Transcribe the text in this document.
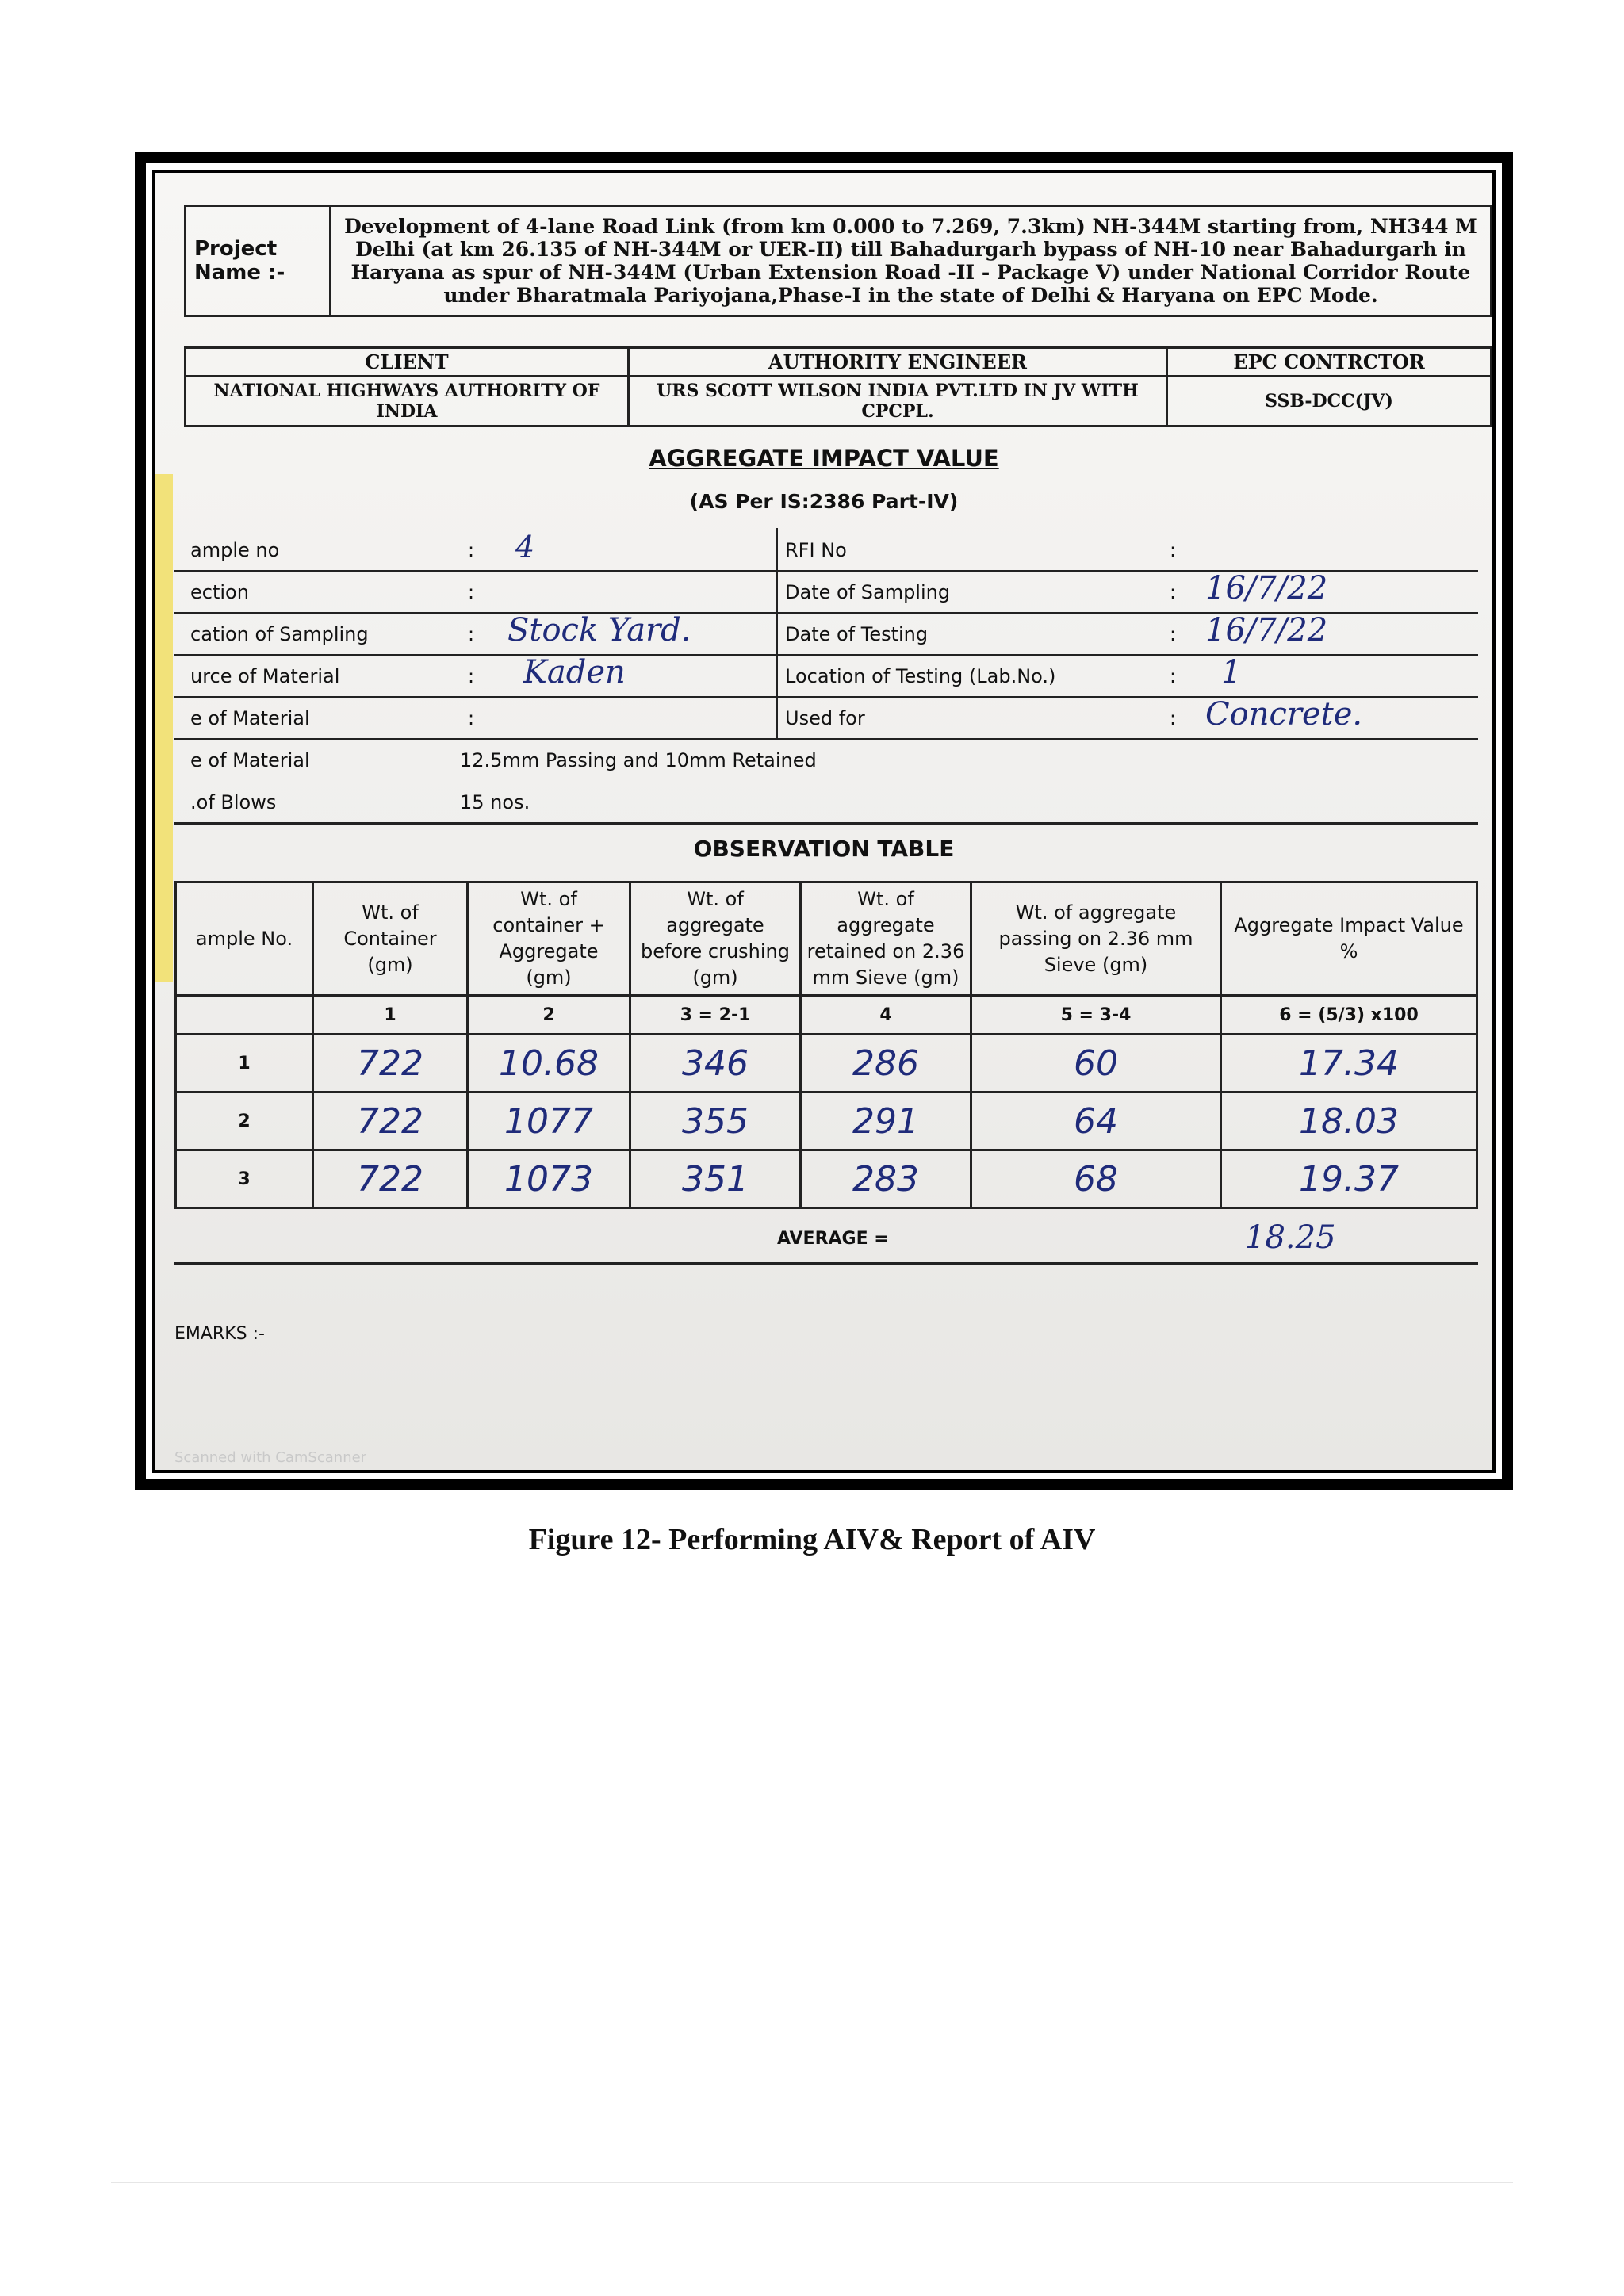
Project Name :-	Development of 4-lane Road Link (from km 0.000 to 7.269, 7.3km) NH-344M starting from, NH344 M Delhi (at km 26.135 of NH-344M or UER-II) till Bahadurgarh bypass of NH-10 near Bahadurgarh in Haryana as spur of NH-344M (Urban Extension Road -II - Package V) under National Corridor Route under Bharatmala Pariyojana,Phase-I in the state of Delhi & Haryana on EPC Mode.
CLIENT	AUTHORITY ENGINEER	EPC CONTRCTOR
NATIONAL HIGHWAYS AUTHORITY OF INDIA	URS SCOTT WILSON INDIA PVT.LTD IN JV WITH CPCPL.	SSB-DCC(JV)
AGGREGATE IMPACT VALUE
(AS Per IS:2386 Part-IV)
ample no	: 4	RFI No	:
ection	:	Date of Sampling	: 16/7/22
cation of Sampling	: Stock Yard.	Date of Testing	: 16/7/22
urce of Material	: Kaden	Location of Testing (Lab.No.)	: 1
e of Material	:	Used for	: Concrete.
e of Material	12.5mm Passing and 10mm Retained
.of Blows	15 nos.
OBSERVATION TABLE
ample No.	Wt. of Container (gm)	Wt. of container + Aggregate (gm)	Wt. of aggregate before crushing (gm)	Wt. of aggregate retained on 2.36 mm Sieve (gm)	Wt. of aggregate passing on 2.36 mm Sieve (gm)	Aggregate Impact Value %
	1	2	3 = 2-1	4	5 = 3-4	6 = (5/3) x100
1	722	10.68	346	286	60	17.34
2	722	1077	355	291	64	18.03
3	722	1073	351	283	68	19.37
AVERAGE =	18.25
EMARKS :-
Scanned with CamScanner
Figure 12- Performing AIV& Report of AIV
